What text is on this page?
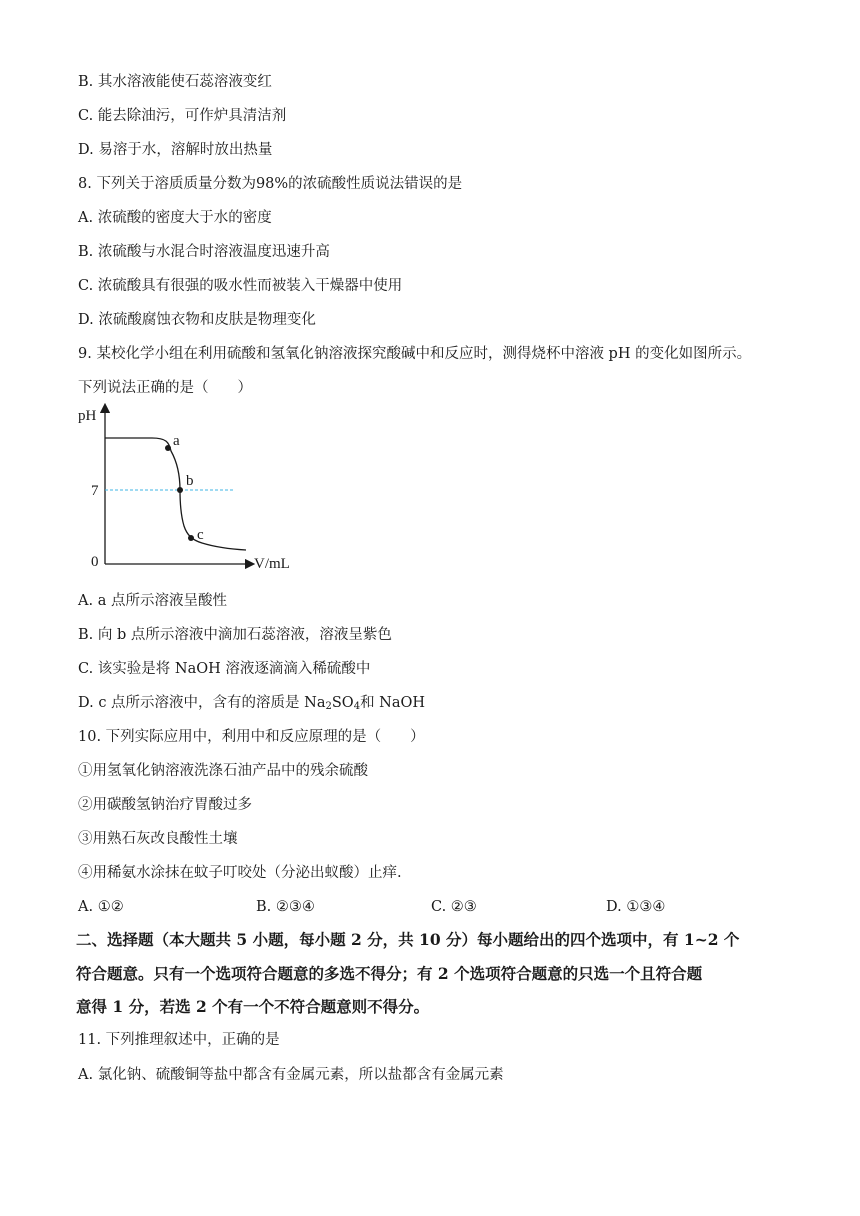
B. 其水溶液能使石蕊溶液变红
C. 能去除油污，可作炉具清洁剂
D. 易溶于水，溶解时放出热量
8. 下列关于溶质质量分数为98%的浓硫酸性质说法错误的是
A. 浓硫酸的密度大于水的密度
B. 浓硫酸与水混合时溶液温度迅速升高
C. 浓硫酸具有很强的吸水性而被装入干燥器中使用
D. 浓硫酸腐蚀衣物和皮肤是物理变化
9. 某校化学小组在利用硫酸和氢氧化钠溶液探究酸碱中和反应时，测得烧杯中溶液 pH 的变化如图所示。
下列说法正确的是（　　）
pH
V/mL
0
7
a
b
c
A. a 点所示溶液呈酸性
B. 向 b 点所示溶液中滴加石蕊溶液，溶液呈紫色
C. 该实验是将 NaOH 溶液逐滴滴入稀硫酸中
D. c 点所示溶液中，含有的溶质是 $Na_2SO_4$和 NaOH
10. 下列实际应用中，利用中和反应原理的是（　　）
①用氢氧化钠溶液洗涤石油产品中的残余硫酸
②用碳酸氢钠治疗胃酸过多
③用熟石灰改良酸性土壤
④用稀氨水涂抹在蚊子叮咬处（分泌出蚁酸）止痒.
A. ①②	B. ②③④	C. ②③	D. ①③④
二、选择题（本大题共 5 小题，每小题 2 分，共 10 分）每小题给出的四个选项中，有 1~2 个
符合题意。只有一个选项符合题意的多选不得分；有 2 个选项符合题意的只选一个且符合题
意得 1 分，若选 2 个有一个不符合题意则不得分。
11. 下列推理叙述中，正确的是
A. 氯化钠、硫酸铜等盐中都含有金属元素，所以盐都含有金属元素
